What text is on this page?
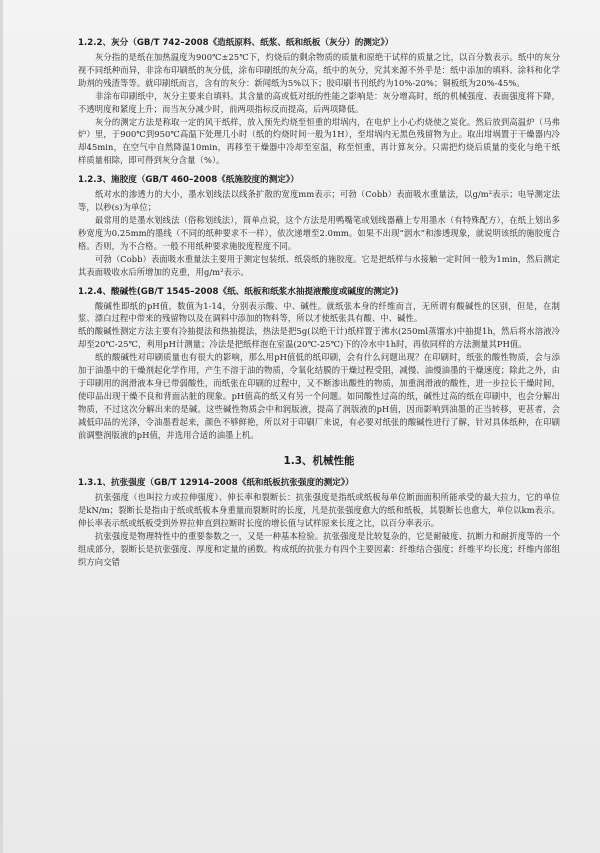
1.2.2、灰分（GB/T 742–2008《造纸原料、纸浆、纸和纸板（灰分）的测定》）

灰分指的是纸在加热温度为900℃±25℃下，灼烧后的剩余物质的质量和原绝干试样的质量之比，以百分数表示。纸中的灰分视不同纸种而异，非涂布印刷纸的灰分低，涂布印刷纸的灰分高，纸中的灰分，究其来源不外乎是：纸中添加的填料、涂料和化学助剂的残渣等等。就印刷纸而言，含有的灰分：新闻纸为5%以下；胶印刷书刊纸约为10%-20%；铜板纸为20%-45%。

非涂布印刷纸中，灰分主要来自填料。其含量的高或低对纸的性能之影响是：灰分增高时，纸的机械强度、表面强度将下降，不透明度和紧度上升；而当灰分减少时，前两项指标反而提高，后两项降低。

灰分的测定方法是称取一定的风干纸样，放入预先灼烧至恒重的坩埚内，在电炉上小心灼烧使之炭化。然后放到高温炉（马弗炉）里，于900℃到950℃高温下处理几小时（纸的灼烧时间一般为1H），至坩埚内无黑色残留物为止。取出坩埚置于干燥器内冷却45min，在空气中自然降温10min，再移至干燥器中冷却至室温，称至恒重，再计算灰分。只需把灼烧后质量的变化与绝干纸样质量相除，即可得到灰分含量（%）。

1.2.3、施胶度（GB/T 460–2008《纸施胶度的测定》）

纸对水的渗透力的大小，墨水划线法以线条扩散的宽度mm表示；可勃（Cobb）表面吸水重量法，以g/m²表示；电导测定法等，以秒(s)为单位；

最常用的是墨水划线法（俗称划线法），简单点说，这个方法是用鸭嘴笔或划线器蘸上专用墨水（有特殊配方），在纸上划出多秒宽度为0.25mm的墨线（不同的纸种要求不一样），依次递增至2.0mm。如果不出现“洇水”和渗透现象，就说明该纸的施胶度合格。否则，为不合格。一般不用纸种要求施胶度程度不同。

可勃（Cobb）表面吸水重量法主要用于测定包装纸、纸袋纸的施胶度。它是把纸样与水接触一定时间一般为1min，然后测定其表面吸收水后所增加的克重，用g/m²表示。

1.2.4、酸碱性(GB/T 1545–2008《纸、纸板和纸浆水抽提液酸度或碱度的测定》)

酸碱性即纸的pH值，数值为1-14，分别表示酸、中、碱性。就纸张本身的纤维而言，无所谓有酸碱性的区别，但是，在制浆、漂白过程中带来的残留物以及在调料中添加的物料等，所以才使纸张具有酸、中、碱性。

纸的酸碱性测定方法主要有冷抽提法和热抽提法，热法是把5g(以绝干计)纸样置于沸水(250ml蒸馏水)中抽提1h，然后将水溶液冷却至20℃-25℃，利用pH计测量；冷法是把纸样泡在室温(20℃-25℃)下的冷水中1h时，再依同样的方法测量其PH值。

纸的酸碱性对印刷质量也有很大的影响，那么用pH值低的纸印刷，会有什么问题出现？在印刷时，纸张的酸性物质，会与添加于油墨中的干燥剂起化学作用，产生不溶于油的物质，令氧化结膜的干燥过程受阻，减慢、油慢油墨的干燥速度；除此之外，由于印刷用的润滑液本身已带弱酸性，而纸张在印刷的过程中，又不断渗出酸性的物质，加重润滑液的酸性，进一步拉长干燥时间，使印品出现干燥不良和背面沾脏的现象。pH值高的纸又有另一个问题。如同酸性过高的纸，碱性过高的纸在印刷中，也会分解出物质，不过这次分解出来的是碱。这些碱性物质会中和润版液，提高了润版液的pH值，因而影响到油墨的正当转移，更甚者，会减低印品的光泽，令油墨看起来，颜色不够鲜艳，所以对于印刷厂来说，有必要对纸张的酸碱性进行了解，针对具体纸种，在印刷前调整润版液的pH值，并选用合适的油墨上机。

1.3、机械性能
1.3.1、抗张强度（GB/T 12914–2008《纸和纸板抗张强度的测定》）

抗张强度（也叫拉力或拉伸强度）、伸长率和裂断长：抗张强度是指纸或纸板每单位断面面积所能承受的最大拉力，它的单位是kN/m；裂断长是指由于纸或纸板本身重量而裂断时的长度，凡是抗张强度愈大的纸和纸板，其裂断长也愈大，单位以km表示。伸长率表示纸或纸板受到外界拉伸直到拉断时长度的增长值与试样原来长度之比，以百分率表示。

抗张强度是物理特性中的重要参数之一，又是一种基本检验。抗张强度是比较复杂的，它是耐破度、抗断力和耐折度等的一个组成部分，裂断长是抗张强度、厚度和定量的函数。构成纸的抗张力有四个主要因素：纤维结合强度；纤维平均长度；纤维内部组织方向交错
